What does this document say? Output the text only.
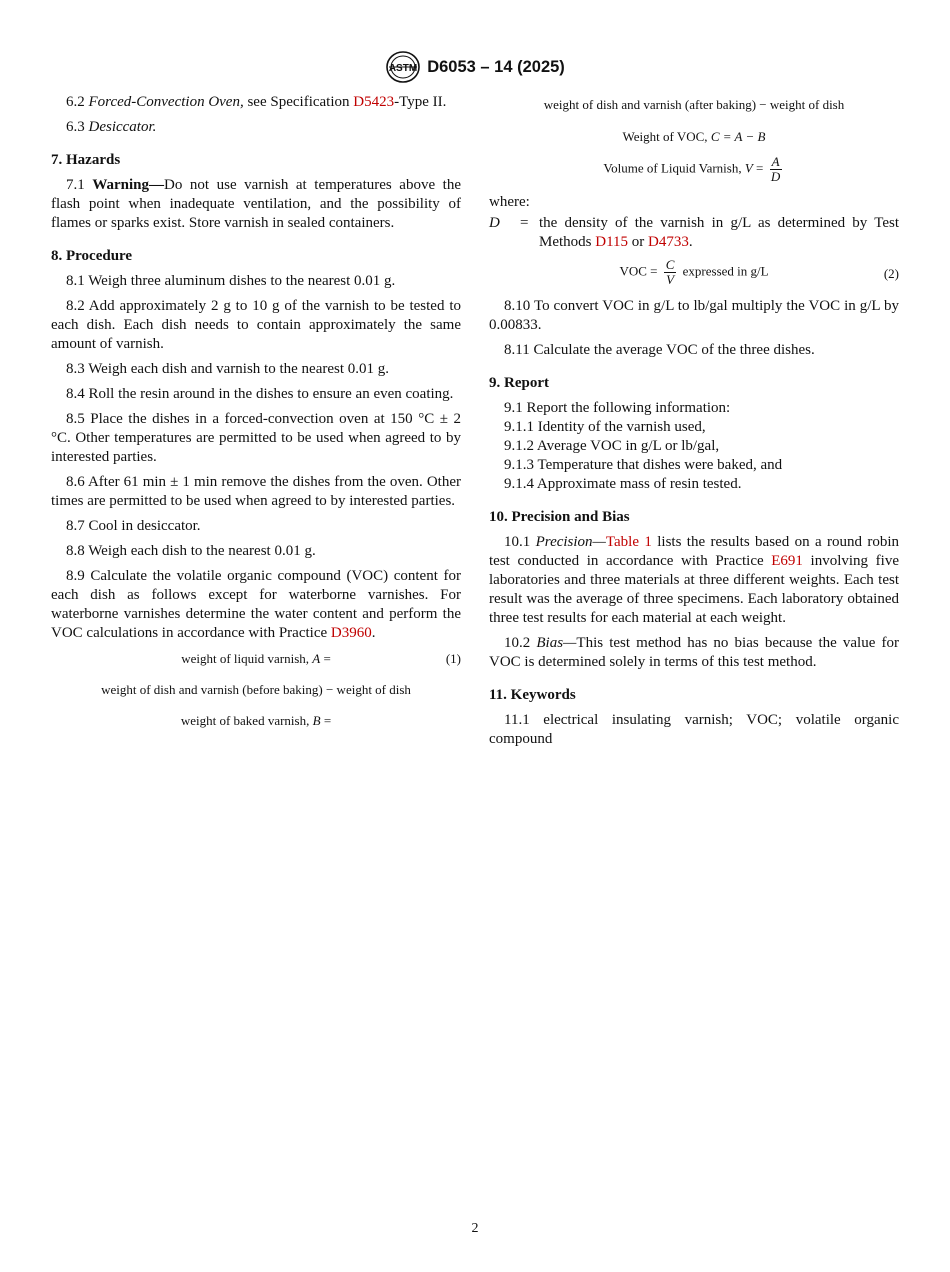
ASTM D6053 – 14 (2025)

6.2 Forced-Convection Oven, see Specification D5423-Type II.

6.3 Desiccator.

7. Hazards

7.1 Warning—Do not use varnish at temperatures above the flash point when inadequate ventilation, and the possibility of flames or sparks exist. Store varnish in sealed containers.

8. Procedure

8.1 Weigh three aluminum dishes to the nearest 0.01 g.

8.2 Add approximately 2 g to 10 g of the varnish to be tested to each dish. Each dish needs to contain approximately the same amount of varnish.

8.3 Weigh each dish and varnish to the nearest 0.01 g.

8.4 Roll the resin around in the dishes to ensure an even coating.

8.5 Place the dishes in a forced-convection oven at 150 °C ± 2 °C. Other temperatures are permitted to be used when agreed to by interested parties.

8.6 After 61 min ± 1 min remove the dishes from the oven. Other times are permitted to be used when agreed to by interested parties.

8.7 Cool in desiccator.

8.8 Weigh each dish to the nearest 0.01 g.

8.9 Calculate the volatile organic compound (VOC) content for each dish as follows except for waterborne varnishes. For waterborne varnishes determine the water content and perform the VOC calculations in accordance with Practice D3960.

weight of liquid varnish, A =	(1)
weight of dish and varnish (before baking) − weight of dish
weight of baked varnish, B =
weight of dish and varnish (after baking) − weight of dish
Weight of VOC, C = A − B
Volume of Liquid Varnish, $V = \frac{A}{D}$

where:

D	= the density of the varnish in g/L as determined by Test Methods D115 or D4733.
VOC = $\frac{C}{V}$ expressed in g/L	(2)

8.10 To convert VOC in g/L to lb/gal multiply the VOC in g/L by 0.00833.

8.11 Calculate the average VOC of the three dishes.

9. Report

9.1 Report the following information:

9.1.1 Identity of the varnish used,

9.1.2 Average VOC in g/L or lb/gal,

9.1.3 Temperature that dishes were baked, and

9.1.4 Approximate mass of resin tested.

10. Precision and Bias

10.1 Precision—Table 1 lists the results based on a round robin test conducted in accordance with Practice E691 involving five laboratories and three materials at three different weights. Each test result was the average of three specimens. Each laboratory obtained three test results for each material at each weight.

10.2 Bias—This test method has no bias because the value for VOC is determined solely in terms of this test method.

11. Keywords

11.1 electrical insulating varnish; VOC; volatile organic compound

2
